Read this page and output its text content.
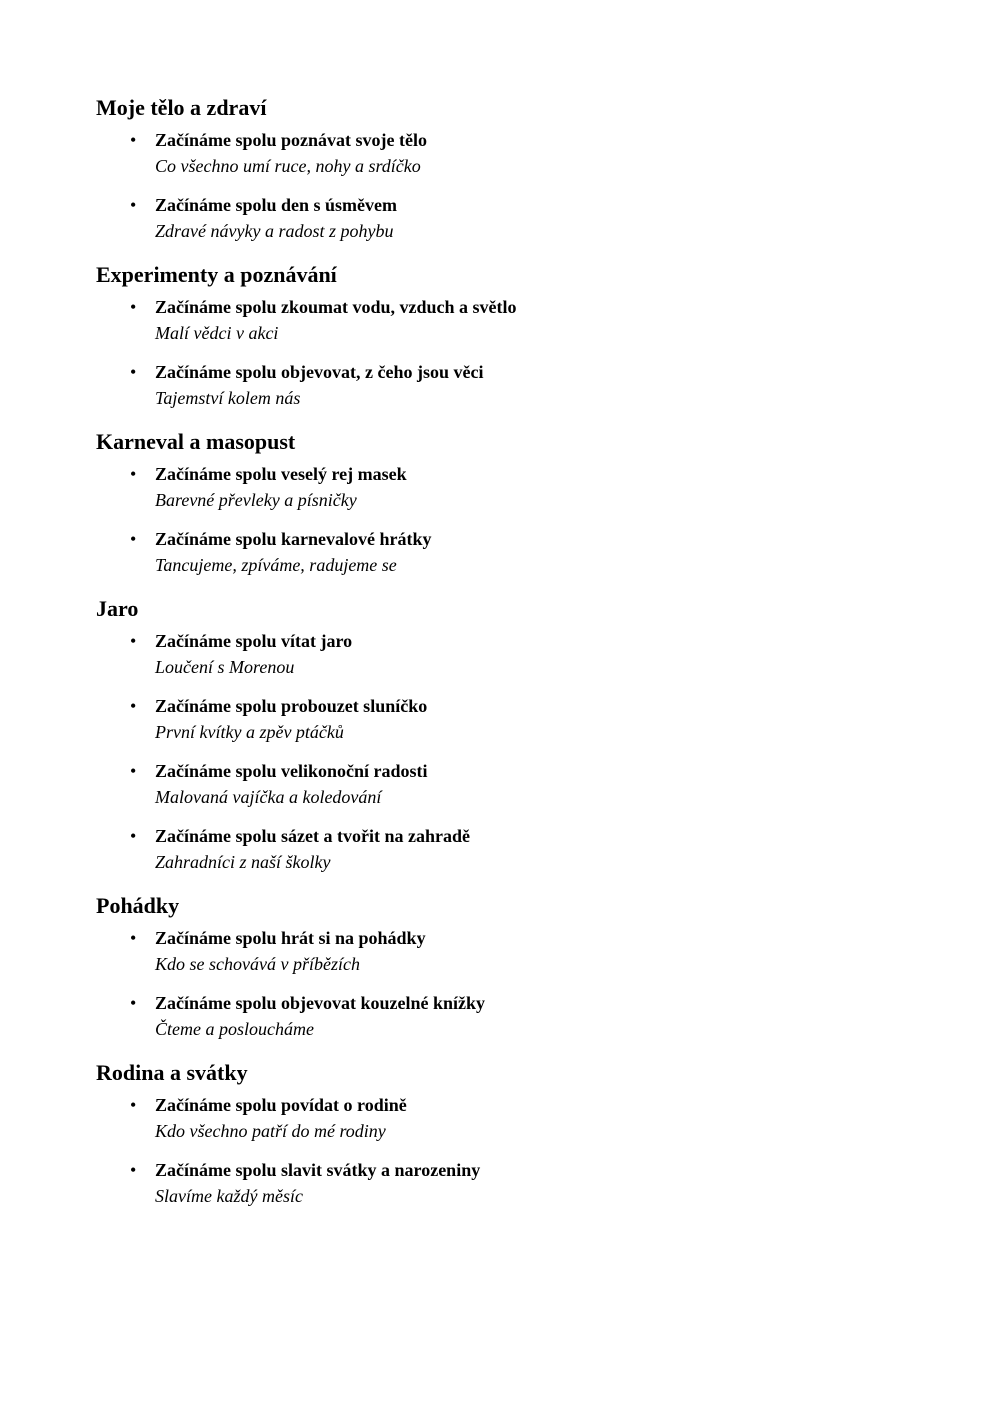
Moje tělo a zdraví
• Začínáme spolu poznávat svoje tělo
Co všechno umí ruce, nohy a srdíčko
• Začínáme spolu den s úsměvem
Zdravé návyky a radost z pohybu
Experimenty a poznávání
• Začínáme spolu zkoumat vodu, vzduch a světlo
Malí vědci v akci
• Začínáme spolu objevovat, z čeho jsou věci
Tajemství kolem nás
Karneval a masopust
• Začínáme spolu veselý rej masek
Barevné převleky a písničky
• Začínáme spolu karnevalové hrátky
Tancujeme, zpíváme, radujeme se
Jaro
• Začínáme spolu vítat jaro
Loučení s Morenou
• Začínáme spolu probouzet sluníčko
První kvítky a zpěv ptáčků
• Začínáme spolu velikonoční radosti
Malovaná vajíčka a koledování
• Začínáme spolu sázet a tvořit na zahradě
Zahradníci z naší školky
Pohádky
• Začínáme spolu hrát si na pohádky
Kdo se schovává v příbězích
• Začínáme spolu objevovat kouzelné knížky
Čteme a posloucháme
Rodina a svátky
• Začínáme spolu povídat o rodině
Kdo všechno patří do mé rodiny
• Začínáme spolu slavit svátky a narozeniny
Slavíme každý měsíc
